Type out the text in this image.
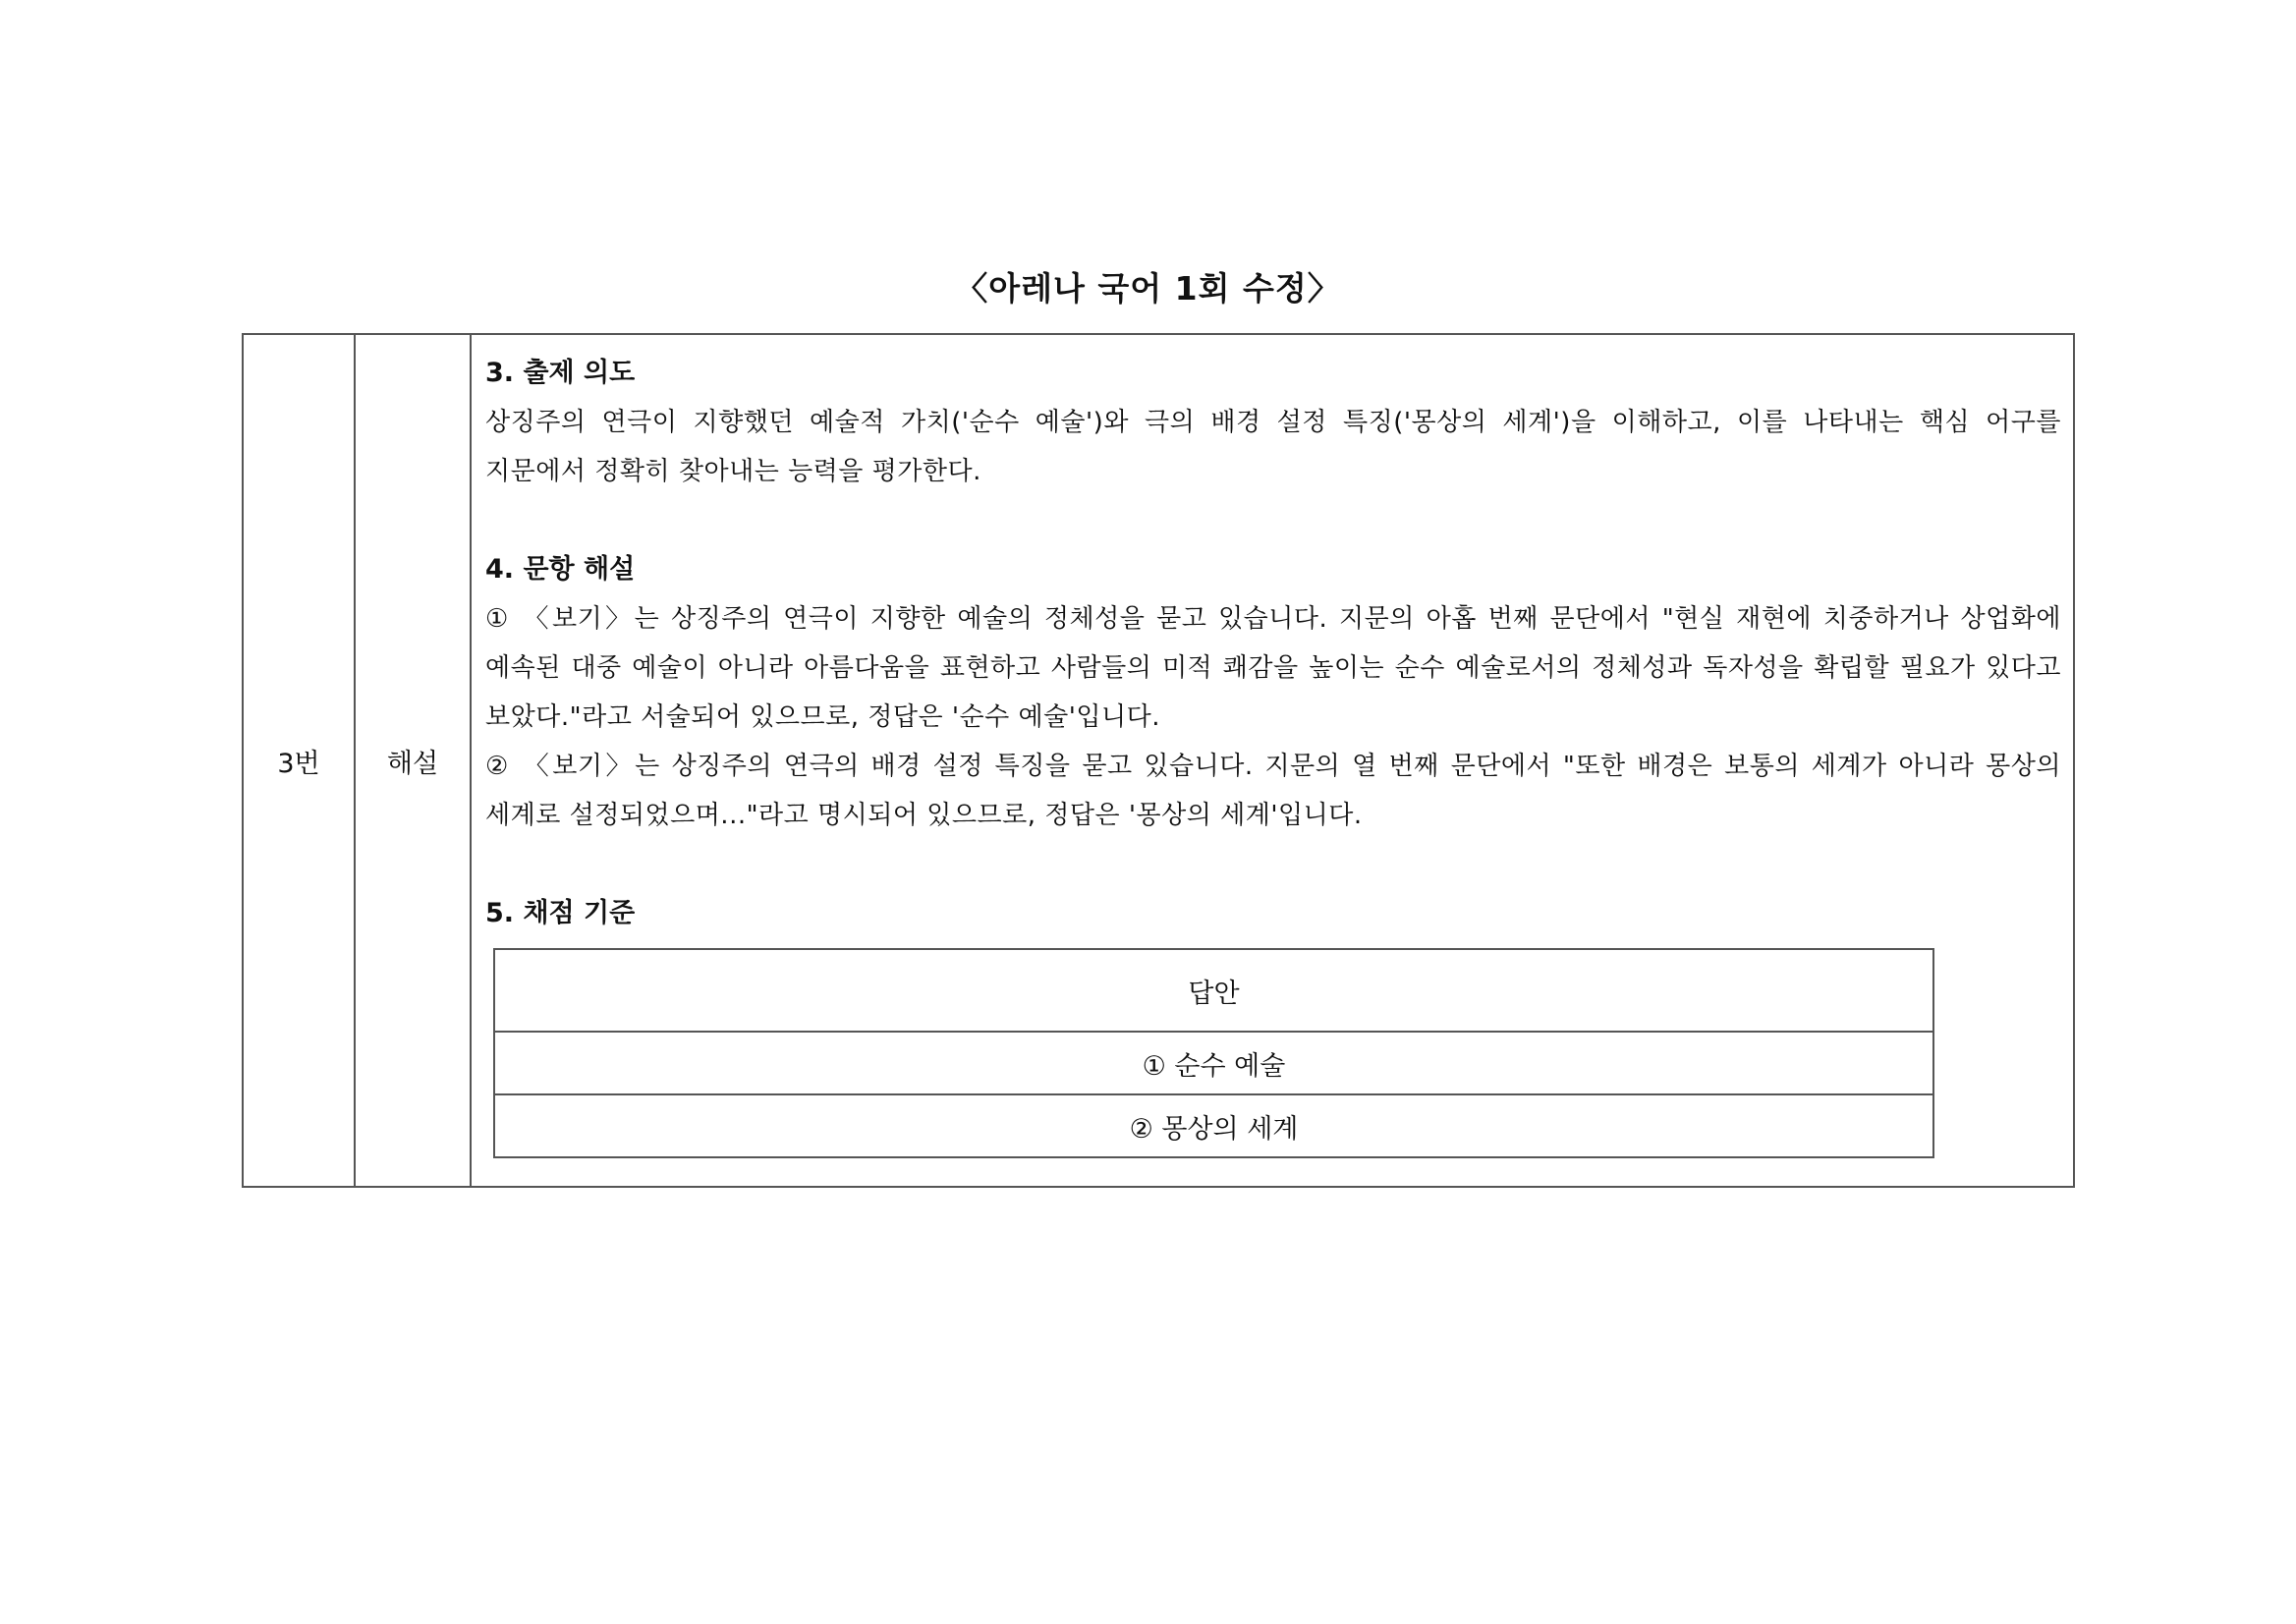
〈아레나 국어 1회 수정〉
3번	해설

3. 출제 의도

상징주의 연극이 지향했던 예술적 가치('순수 예술')와 극의 배경 설정 특징('몽상의 세계')을 이해하고, 이를 나타내는 핵심 어구를 지문에서 정확히 찾아내는 능력을 평가한다.

4. 문항 해설

① 〈보기〉는 상징주의 연극이 지향한 예술의 정체성을 묻고 있습니다. 지문의 아홉 번째 문단에서 "현실 재현에 치중하거나 상업화에 예속된 대중 예술이 아니라 아름다움을 표현하고 사람들의 미적 쾌감을 높이는 순수 예술로서의 정체성과 독자성을 확립할 필요가 있다고 보았다."라고 서술되어 있으므로, 정답은 '순수 예술'입니다.

② 〈보기〉는 상징주의 연극의 배경 설정 특징을 묻고 있습니다. 지문의 열 번째 문단에서 "또한 배경은 보통의 세계가 아니라 몽상의 세계로 설정되었으며..."라고 명시되어 있으므로, 정답은 '몽상의 세계'입니다.

5. 채점 기준

답안
① 순수 예술
② 몽상의 세계
